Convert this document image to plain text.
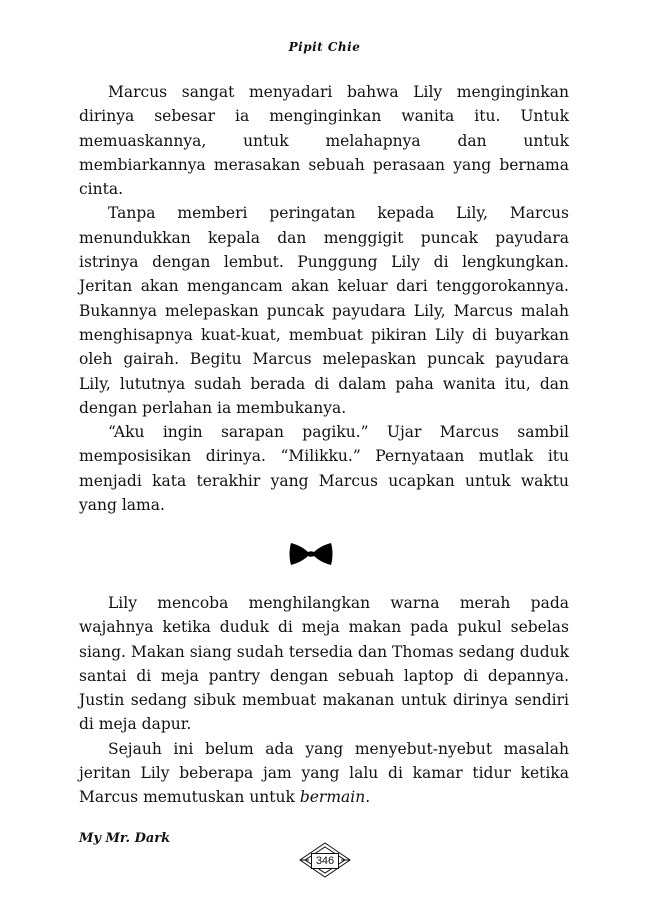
Pipit Chie

Marcus sangat menyadari bahwa Lily menginginkan dirinya sebesar ia menginginkan wanita itu. Untuk memuaskannya, untuk melahapnya dan untuk membiarkannya merasakan sebuah perasaan yang bernama cinta.

Tanpa memberi peringatan kepada Lily, Marcus menundukkan kepala dan menggigit puncak payudara istrinya dengan lembut. Punggung Lily di lengkungkan. Jeritan akan mengancam akan keluar dari tenggorokannya. Bukannya melepaskan puncak payudara Lily, Marcus malah menghisapnya kuat-kuat, membuat pikiran Lily di buyarkan oleh gairah. Begitu Marcus melepaskan puncak payudara Lily, lututnya sudah berada di dalam paha wanita itu, dan dengan perlahan ia membukanya.

“Aku ingin sarapan pagiku.” Ujar Marcus sambil memposisikan dirinya. “Milikku.” Pernyataan mutlak itu menjadi kata terakhir yang Marcus ucapkan untuk waktu yang lama.

Lily mencoba menghilangkan warna merah pada wajahnya ketika duduk di meja makan pada pukul sebelas siang. Makan siang sudah tersedia dan Thomas sedang duduk santai di meja pantry dengan sebuah laptop di depannya. Justin sedang sibuk membuat makanan untuk dirinya sendiri di meja dapur.

Sejauh ini belum ada yang menyebut-nyebut masalah jeritan Lily beberapa jam yang lalu di kamar tidur ketika Marcus memutuskan untuk bermain.

My Mr. Dark
346
